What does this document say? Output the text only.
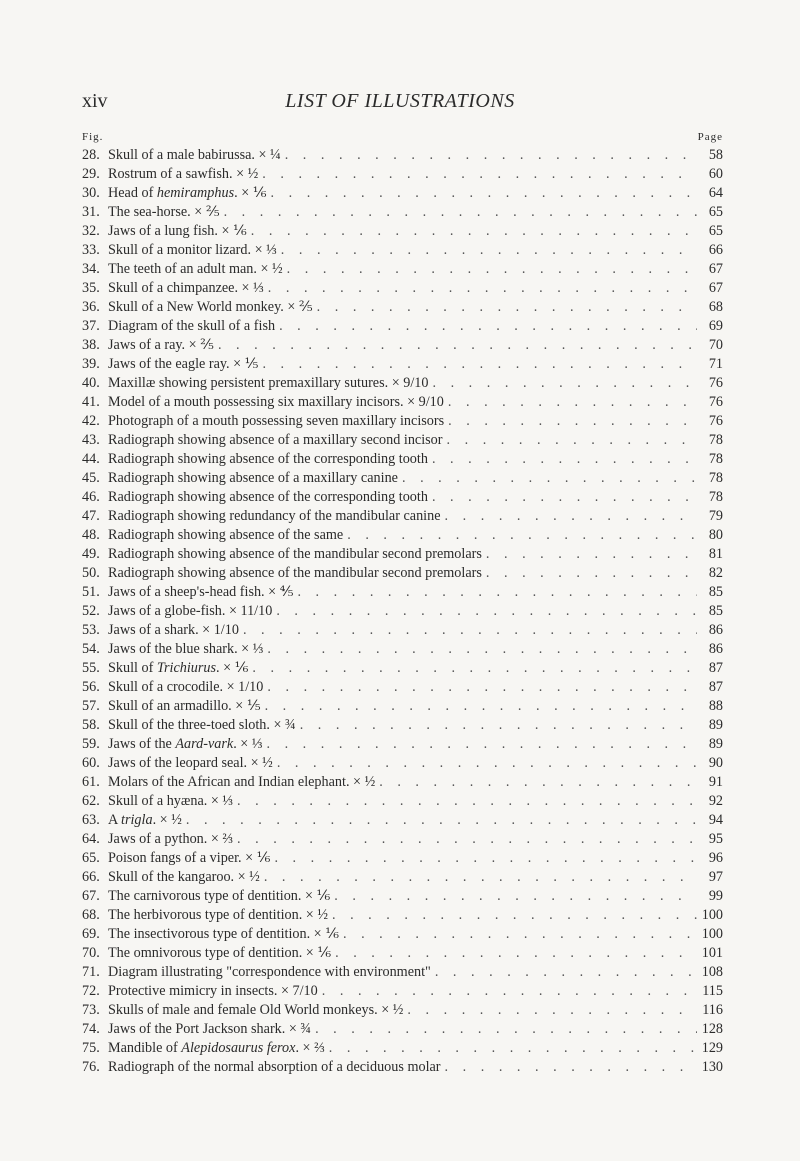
xiv	LIST OF ILLUSTRATIONS
Fig.	Page
28. Skull of a male babirussa. × ¼ . . .	58
29. Rostrum of a sawfish. × ½ . . .	60
30. Head of hemiramphus. × ⅙ . . .	64
31. The sea-horse. × ⅖ . . .	65
32. Jaws of a lung fish. × ⅙ . . .	65
33. Skull of a monitor lizard. × ⅓ . . .	66
34. The teeth of an adult man. × ½ . . .	67
35. Skull of a chimpanzee. × ⅓ . . .	67
36. Skull of a New World monkey. × ⅖ . . .	68
37. Diagram of the skull of a fish . . .	69
38. Jaws of a ray. × ⅖ . . .	70
39. Jaws of the eagle ray. × ⅕ . . .	71
40. Maxillæ showing persistent premaxillary sutures. × 9/10 . . .	76
41. Model of a mouth possessing six maxillary incisors. × 9/10 . . .	76
42. Photograph of a mouth possessing seven maxillary incisors . . .	76
43. Radiograph showing absence of a maxillary second incisor . . .	78
44. Radiograph showing absence of the corresponding tooth . . .	78
45. Radiograph showing absence of a maxillary canine . . .	78
46. Radiograph showing absence of the corresponding tooth . . .	78
47. Radiograph showing redundancy of the mandibular canine . . .	79
48. Radiograph showing absence of the same . . .	80
49. Radiograph showing absence of the mandibular second premolars . . .	81
50. Radiograph showing absence of the mandibular second premolars . . .	82
51. Jaws of a sheep's-head fish. × ⅘ . . .	85
52. Jaws of a globe-fish. × 11/10 . . .	85
53. Jaws of a shark. × 1/10 . . .	86
54. Jaws of the blue shark. × ⅓ . . .	86
55. Skull of Trichiurus. × ⅙ . . .	87
56. Skull of a crocodile. × 1/10 . . .	87
57. Skull of an armadillo. × ⅕ . . .	88
58. Skull of the three-toed sloth. × ¾ . . .	89
59. Jaws of the Aard-vark. × ⅓ . . .	89
60. Jaws of the leopard seal. × ½ . . .	90
61. Molars of the African and Indian elephant. × ½ . . .	91
62. Skull of a hyæna. × ⅓ . . .	92
63. A trigla. × ½ . . .	94
64. Jaws of a python. × ⅔ . . .	95
65. Poison fangs of a viper. × ⅙ . . .	96
66. Skull of the kangaroo. × ½ . . .	97
67. The carnivorous type of dentition. × ⅙ . . .	99
68. The herbivorous type of dentition. × ½ . . .	100
69. The insectivorous type of dentition. × ⅙ . . .	100
70. The omnivorous type of dentition. × ⅙ . . .	101
71. Diagram illustrating "correspondence with environment" . . .	108
72. Protective mimicry in insects. × 7/10 . . .	115
73. Skulls of male and female Old World monkeys. × ½ . . .	116
74. Jaws of the Port Jackson shark. × ¾ . . .	128
75. Mandible of Alepidosaurus ferox. × ⅔ . . .	129
76. Radiograph of the normal absorption of a deciduous molar . . .	130
